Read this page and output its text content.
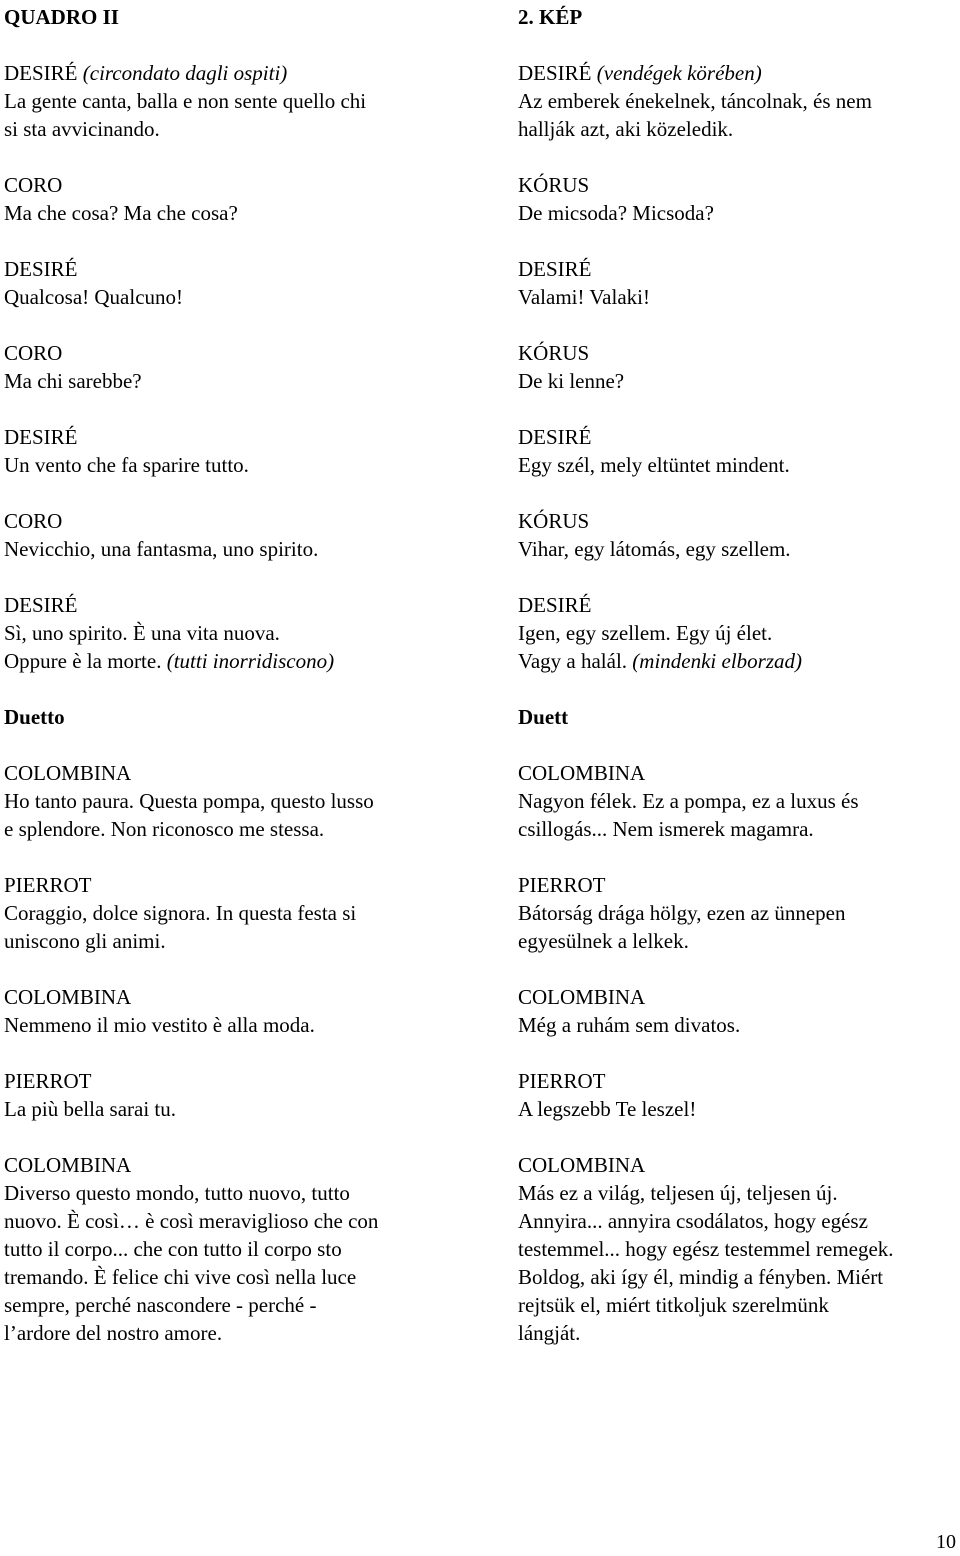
QUADRO II
DESIRÉ (circondato dagli ospiti)
La gente canta, balla e non sente quello chi
si sta avvicinando.
CORO
Ma che cosa? Ma che cosa?
DESIRÉ
Qualcosa! Qualcuno!
CORO
Ma chi sarebbe?
DESIRÉ
Un vento che fa sparire tutto.
CORO
Nevicchio, una fantasma, uno spirito.
DESIRÉ
Sì, uno spirito. È una vita nuova.
Oppure è la morte. (tutti inorridiscono)
Duetto
COLOMBINA
Ho tanto paura. Questa pompa, questo lusso
e splendore. Non riconosco me stessa.
PIERROT
Coraggio, dolce signora. In questa festa si
uniscono gli animi.
COLOMBINA
Nemmeno il mio vestito è alla moda.
PIERROT
La più bella sarai tu.
COLOMBINA
Diverso questo mondo, tutto nuovo, tutto
nuovo. È così… è così meraviglioso che con
tutto il corpo... che con tutto il corpo sto
tremando. È felice chi vive così nella luce
sempre, perché nascondere - perché -
l’ardore del nostro amore.
2. KÉP
DESIRÉ (vendégek körében)
Az emberek énekelnek, táncolnak, és nem
hallják azt, aki közeledik.
KÓRUS
De micsoda? Micsoda?
DESIRÉ
Valami! Valaki!
KÓRUS
De ki lenne?
DESIRÉ
Egy szél, mely eltüntet mindent.
KÓRUS
Vihar, egy látomás, egy szellem.
DESIRÉ
Igen, egy szellem. Egy új élet.
Vagy a halál. (mindenki elborzad)
Duett
COLOMBINA
Nagyon félek. Ez a pompa, ez a luxus és
csillogás... Nem ismerek magamra.
PIERROT
Bátorság drága hölgy, ezen az ünnepen
egyesülnek a lelkek.
COLOMBINA
Még a ruhám sem divatos.
PIERROT
A legszebb Te leszel!
COLOMBINA
Más ez a világ, teljesen új, teljesen új.
Annyira... annyira csodálatos, hogy egész
testemmel... hogy egész testemmel remegek.
Boldog, aki így él, mindig a fényben. Miért
rejtsük el, miért titkoljuk szerelmünk
lángját.
10
